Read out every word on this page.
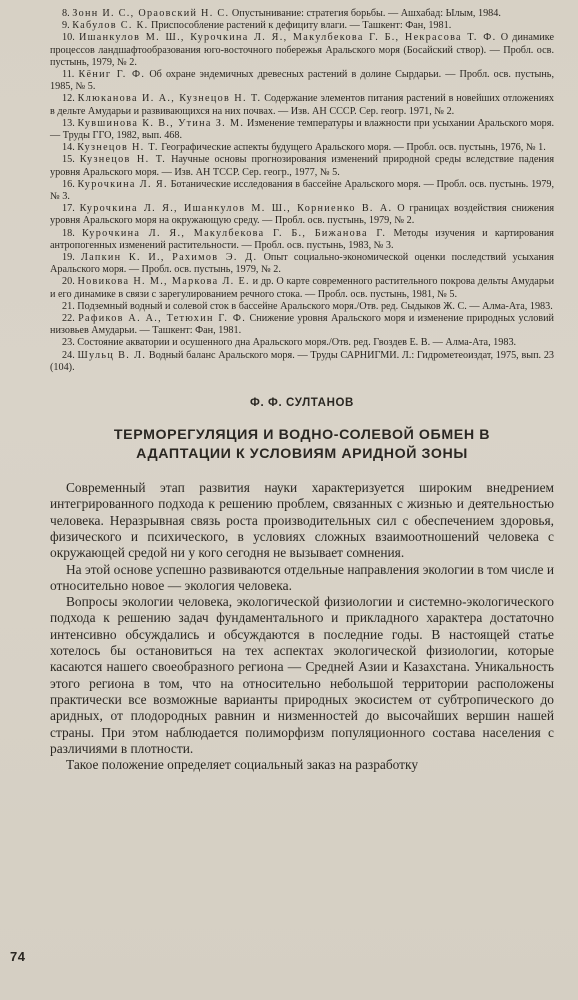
8. Зонн И. С., Ораовский Н. С. Опустынивание: стратегия борьбы. — Ашхабад: Ылым, 1984.

9. Кабулов С. К. Приспособление растений к дефициту влаги. — Ташкент: Фан, 1981.

10. Ишанкулов М. Ш., Курочкина Л. Я., Макулбекова Г. Б., Некрасова Т. Ф. О динамике процессов ландшафтообразования юго-восточного побережья Аральского моря (Босайский створ). — Пробл. осв. пустынь, 1979, № 2.

11. Кёниг Г. Ф. Об охране эндемичных древесных растений в долине Сырдарьи. — Пробл. осв. пустынь, 1985, № 5.

12. Клюканова И. А., Кузнецов Н. Т. Содержание элементов питания растений в новейших отложениях в дельте Амударьи и развивающихся на них почвах. — Изв. АН СССР. Сер. геогр. 1971, № 2.

13. Кувшинова К. В., Утина З. М. Изменение температуры и влажности при усыхании Аральского моря. — Труды ГГО, 1982, вып. 468.

14. Кузнецов Н. Т. Географические аспекты будущего Аральского моря. — Пробл. осв. пустынь, 1976, № 1.

15. Кузнецов Н. Т. Научные основы прогнозирования изменений природной среды вследствие падения уровня Аральского моря. — Изв. АН ТССР. Сер. геогр., 1977, № 5.

16. Курочкина Л. Я. Ботанические исследования в бассейне Аральского моря. — Пробл. осв. пустынь. 1979, № 3.

17. Курочкина Л. Я., Ишанкулов М. Ш., Корниенко В. А. О границах воздействия снижения уровня Аральского моря на окружающую среду. — Пробл. осв. пустынь, 1979, № 2.

18. Курочкина Л. Я., Макулбекова Г. Б., Бижанова Г. Методы изучения и картирования антропогенных изменений растительности. — Пробл. осв. пустынь, 1983, № 3.

19. Лапкин К. И., Рахимов Э. Д. Опыт социально-экономической оценки последствий усыхания Аральского моря. — Пробл. осв. пустынь, 1979, № 2.

20. Новикова Н. М., Маркова Л. Е. и др. О карте современного растительного покрова дельты Амударьи и его динамике в связи с зарегулированием речного стока. — Пробл. осв. пустынь, 1981, № 5.

21. Подземный водный и солевой сток в бассейне Аральского моря./Отв. ред. Сыдыков Ж. С. — Алма-Ата, 1983.

22. Рафиков А. А., Тетюхин Г. Ф. Снижение уровня Аральского моря и изменение природных условий низовьев Амударьи. — Ташкент: Фан, 1981.

23. Состояние акватории и осушенного дна Аральского моря./Отв. ред. Гвоздев Е. В. — Алма-Ата, 1983.

24. Шульц В. Л. Водный баланс Аральского моря. — Труды САРНИГМИ. Л.: Гидрометеоиздат, 1975, вып. 23 (104).

Ф. Ф. СУЛТАНОВ
ТЕРМОРЕГУЛЯЦИЯ И ВОДНО-СОЛЕВОЙ ОБМЕН В
АДАПТАЦИИ К УСЛОВИЯМ АРИДНОЙ ЗОНЫ

Современный этап развития науки характеризуется широким внедрением интегрированного подхода к решению проблем, связанных с жизнью и деятельностью человека. Неразрывная связь роста производительных сил с обеспечением здоровья, физического и психического, в условиях сложных взаимоотношений человека с окружающей средой ни у кого сегодня не вызывает сомнения.

На этой основе успешно развиваются отдельные направления экологии в том числе и относительно новое — экология человека.

Вопросы экологии человека, экологической физиологии и системно-экологического подхода к решению задач фундаментального и прикладного характера достаточно интенсивно обсуждались и обсуждаются в последние годы. В настоящей статье хотелось бы остановиться на тех аспектах экологической физиологии, которые касаются нашего своеобразного региона — Средней Азии и Казахстана. Уникальность этого региона в том, что на относительно небольшой территории расположены практически все возможные варианты природных экосистем от субтропического до аридных, от плодородных равнин и низменностей до высочайших вершин нашей страны. При этом наблюдается полиморфизм популяционного состава населения с различиями в плотности.

Такое положение определяет социальный заказ на разработку

74
